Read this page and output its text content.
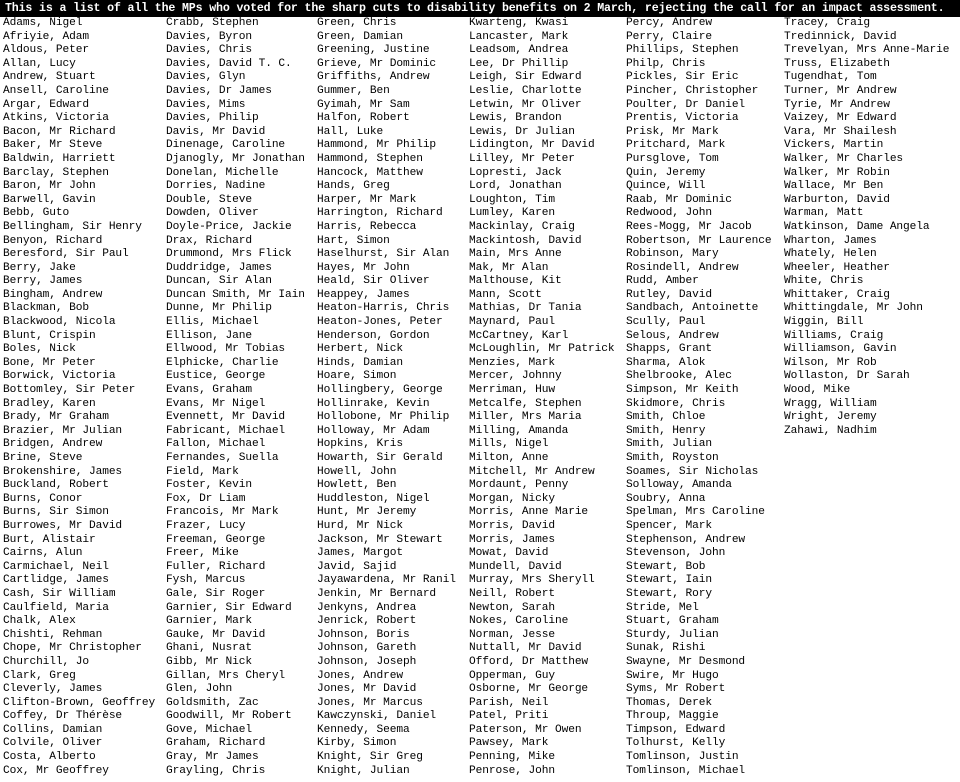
This is a list of all the MPs who voted for the sharp cuts to disability benefits on 2 March, rejecting the call for an impact assessment.
Adams, Nigel
Afriyie, Adam
Aldous, Peter
Allan, Lucy
Andrew, Stuart
Ansell, Caroline
Argar, Edward
Atkins, Victoria
Bacon, Mr Richard
Baker, Mr Steve
Baldwin, Harriett
Barclay, Stephen
Baron, Mr John
Barwell, Gavin
Bebb, Guto
Bellingham, Sir Henry
Benyon, Richard
Beresford, Sir Paul
Berry, Jake
Berry, James
Bingham, Andrew
Blackman, Bob
Blackwood, Nicola
Blunt, Crispin
Boles, Nick
Bone, Mr Peter
Borwick, Victoria
Bottomley, Sir Peter
Bradley, Karen
Brady, Mr Graham
Brazier, Mr Julian
Bridgen, Andrew
Brine, Steve
Brokenshire, James
Buckland, Robert
Burns, Conor
Burns, Sir Simon
Burrowes, Mr David
Burt, Alistair
Cairns, Alun
Carmichael, Neil
Cartlidge, James
Cash, Sir William
Caulfield, Maria
Chalk, Alex
Chishti, Rehman
Chope, Mr Christopher
Churchill, Jo
Clark, Greg
Cleverly, James
Clifton-Brown, Geoffrey
Coffey, Dr Thérèse
Collins, Damian
Colvile, Oliver
Costa, Alberto
Cox, Mr Geoffrey
Crabb, Stephen
Davies, Byron
Davies, Chris
Davies, David T. C.
Davies, Glyn
Davies, Dr James
Davies, Mims
Davies, Philip
Davis, Mr David
Dinenage, Caroline
Djanogly, Mr Jonathan
Donelan, Michelle
Dorries, Nadine
Double, Steve
Dowden, Oliver
Doyle-Price, Jackie
Drax, Richard
Drummond, Mrs Flick
Duddridge, James
Duncan, Sir Alan
Duncan Smith, Mr Iain
Dunne, Mr Philip
Ellis, Michael
Ellison, Jane
Ellwood, Mr Tobias
Elphicke, Charlie
Eustice, George
Evans, Graham
Evans, Mr Nigel
Evennett, Mr David
Fabricant, Michael
Fallon, Michael
Fernandes, Suella
Field, Mark
Foster, Kevin
Fox, Dr Liam
Francois, Mr Mark
Frazer, Lucy
Freeman, George
Freer, Mike
Fuller, Richard
Fysh, Marcus
Gale, Sir Roger
Garnier, Sir Edward
Garnier, Mark
Gauke, Mr David
Ghani, Nusrat
Gibb, Mr Nick
Gillan, Mrs Cheryl
Glen, John
Goldsmith, Zac
Goodwill, Mr Robert
Gove, Michael
Graham, Richard
Gray, Mr James
Grayling, Chris
Green, Chris
Green, Damian
Greening, Justine
Grieve, Mr Dominic
Griffiths, Andrew
Gummer, Ben
Gyimah, Mr Sam
Halfon, Robert
Hall, Luke
Hammond, Mr Philip
Hammond, Stephen
Hancock, Matthew
Hands, Greg
Harper, Mr Mark
Harrington, Richard
Harris, Rebecca
Hart, Simon
Haselhurst, Sir Alan
Hayes, Mr John
Heald, Sir Oliver
Heappey, James
Heaton-Harris, Chris
Heaton-Jones, Peter
Henderson, Gordon
Herbert, Nick
Hinds, Damian
Hoare, Simon
Hollingbery, George
Hollinrake, Kevin
Hollobone, Mr Philip
Holloway, Mr Adam
Hopkins, Kris
Howarth, Sir Gerald
Howell, John
Howlett, Ben
Huddleston, Nigel
Hunt, Mr Jeremy
Hurd, Mr Nick
Jackson, Mr Stewart
James, Margot
Javid, Sajid
Jayawardena, Mr Ranil
Jenkin, Mr Bernard
Jenkyns, Andrea
Jenrick, Robert
Johnson, Boris
Johnson, Gareth
Johnson, Joseph
Jones, Andrew
Jones, Mr David
Jones, Mr Marcus
Kawczynski, Daniel
Kennedy, Seema
Kirby, Simon
Knight, Sir Greg
Knight, Julian
Kwarteng, Kwasi
Lancaster, Mark
Leadsom, Andrea
Lee, Dr Phillip
Leigh, Sir Edward
Leslie, Charlotte
Letwin, Mr Oliver
Lewis, Brandon
Lewis, Dr Julian
Lidington, Mr David
Lilley, Mr Peter
Lopresti, Jack
Lord, Jonathan
Loughton, Tim
Lumley, Karen
Mackinlay, Craig
Mackintosh, David
Main, Mrs Anne
Mak, Mr Alan
Malthouse, Kit
Mann, Scott
Mathias, Dr Tania
Maynard, Paul
McCartney, Karl
McLoughlin, Mr Patrick
Menzies, Mark
Mercer, Johnny
Merriman, Huw
Metcalfe, Stephen
Miller, Mrs Maria
Milling, Amanda
Mills, Nigel
Milton, Anne
Mitchell, Mr Andrew
Mordaunt, Penny
Morgan, Nicky
Morris, Anne Marie
Morris, David
Morris, James
Mowat, David
Mundell, David
Murray, Mrs Sheryll
Neill, Robert
Newton, Sarah
Nokes, Caroline
Norman, Jesse
Nuttall, Mr David
Offord, Dr Matthew
Opperman, Guy
Osborne, Mr George
Parish, Neil
Patel, Priti
Paterson, Mr Owen
Pawsey, Mark
Penning, Mike
Penrose, John
Percy, Andrew
Perry, Claire
Phillips, Stephen
Philp, Chris
Pickles, Sir Eric
Pincher, Christopher
Poulter, Dr Daniel
Prentis, Victoria
Prisk, Mr Mark
Pritchard, Mark
Pursglove, Tom
Quin, Jeremy
Quince, Will
Raab, Mr Dominic
Redwood, John
Rees-Mogg, Mr Jacob
Robertson, Mr Laurence
Robinson, Mary
Rosindell, Andrew
Rudd, Amber
Rutley, David
Sandbach, Antoinette
Scully, Paul
Selous, Andrew
Shapps, Grant
Sharma, Alok
Shelbrooke, Alec
Simpson, Mr Keith
Skidmore, Chris
Smith, Chloe
Smith, Henry
Smith, Julian
Smith, Royston
Soames, Sir Nicholas
Solloway, Amanda
Soubry, Anna
Spelman, Mrs Caroline
Spencer, Mark
Stephenson, Andrew
Stevenson, John
Stewart, Bob
Stewart, Iain
Stewart, Rory
Stride, Mel
Stuart, Graham
Sturdy, Julian
Sunak, Rishi
Swayne, Mr Desmond
Swire, Mr Hugo
Syms, Mr Robert
Thomas, Derek
Throup, Maggie
Timpson, Edward
Tolhurst, Kelly
Tomlinson, Justin
Tomlinson, Michael
Tracey, Craig
Tredinnick, David
Trevelyan, Mrs Anne-Marie
Truss, Elizabeth
Tugendhat, Tom
Turner, Mr Andrew
Tyrie, Mr Andrew
Vaizey, Mr Edward
Vara, Mr Shailesh
Vickers, Martin
Walker, Mr Charles
Walker, Mr Robin
Wallace, Mr Ben
Warburton, David
Warman, Matt
Watkinson, Dame Angela
Wharton, James
Whately, Helen
Wheeler, Heather
White, Chris
Whittaker, Craig
Whittingdale, Mr John
Wiggin, Bill
Williams, Craig
Williamson, Gavin
Wilson, Mr Rob
Wollaston, Dr Sarah
Wood, Mike
Wragg, William
Wright, Jeremy
Zahawi, Nadhim
